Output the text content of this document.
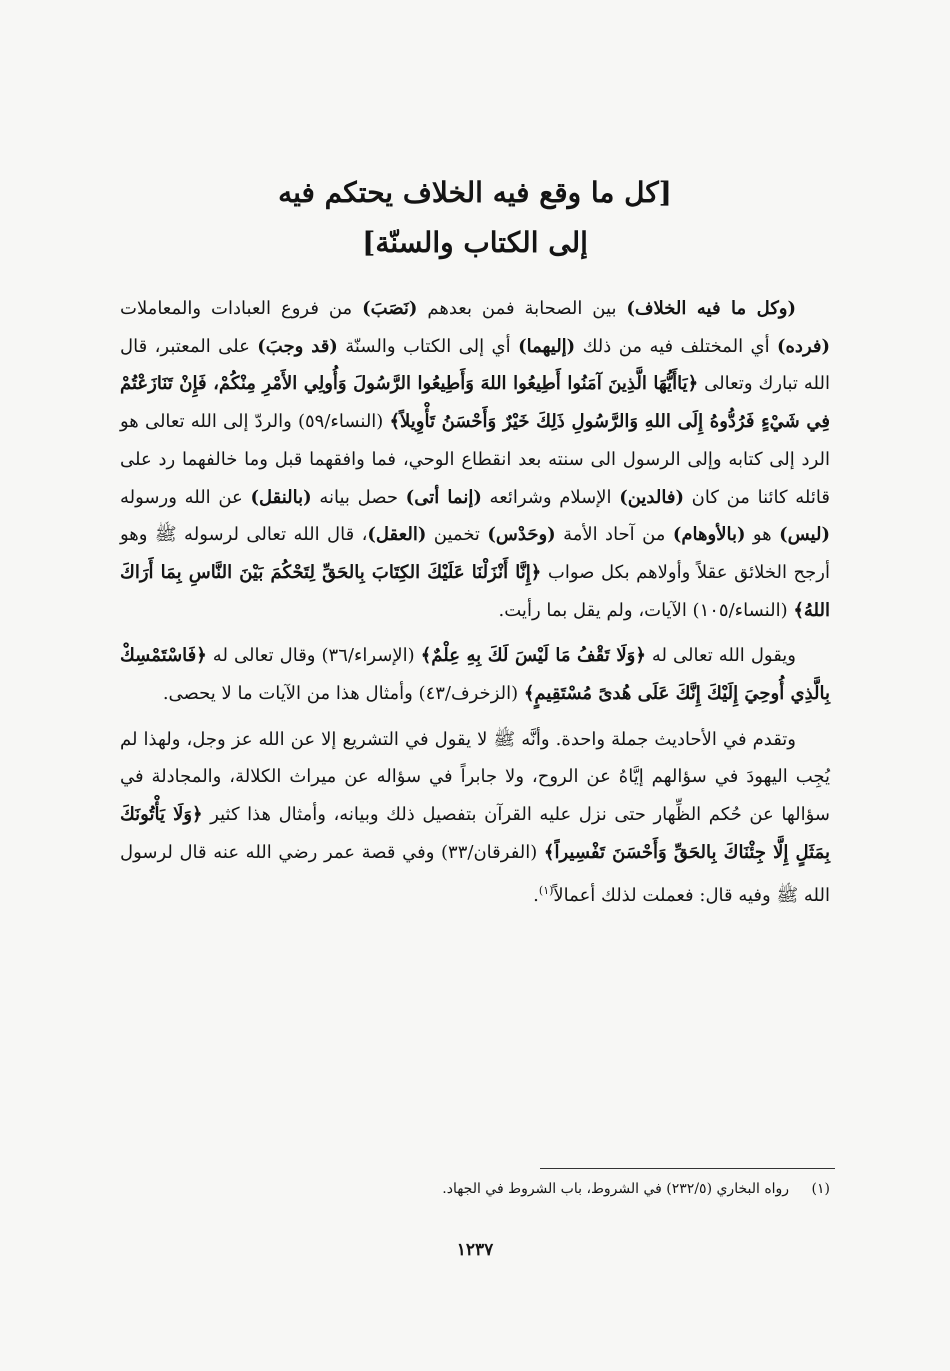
[كل ما وقع فيه الخلاف يحتكم فيه
إلى الكتاب والسنّة]

(وكل ما فيه الخلاف) بين الصحابة فمن بعدهم (نَصَبَ) من فروع العبادات والمعاملات (فرده) أي المختلف فيه من ذلك (إليهما) أي إلى الكتاب والسنّة (قد وجبَ) على المعتبر، قال الله تبارك وتعالى ﴿يَاأَيُّهَا الَّذِينَ آمَنُوا أَطِيعُوا اللهَ وَأَطِيعُوا الرَّسُولَ وَأُولِي الأَمْرِ مِنْكُمْ، فَإِنْ تَنَازَعْتُمْ فِي شَيْءٍ فَرُدُّوهُ إِلَى اللهِ وَالرَّسُولِ ذَلِكَ خَيْرٌ وَأَحْسَنُ تَأْوِيلاً﴾ (النساء/٥٩) والردّ إلى الله تعالى هو الرد إلى كتابه وإلى الرسول الى سنته بعد انقطاع الوحي، فما وافقهما قبل وما خالفهما رد على قائله كائنا من كان (فالدين) الإسلام وشرائعه (إنما أتى) حصل بيانه (بالنقل) عن الله ورسوله (ليس) هو (بالأوهام) من آحاد الأمة (وحَدْس) تخمين (العقل)، قال الله تعالى لرسوله ﷺ وهو أرجح الخلائق عقلاً وأولاهم بكل صواب ﴿إِنَّا أَنْزَلْنَا عَلَيْكَ الكِتَابَ بِالحَقِّ لِتَحْكُمَ بَيْنَ النَّاسِ بِمَا أَرَاكَ اللهُ﴾ (النساء/١٠٥) الآيات، ولم يقل بما رأيت.

ويقول الله تعالى له ﴿وَلَا تَقْفُ مَا لَيْسَ لَكَ بِهِ عِلْمٌ﴾ (الإسراء/٣٦) وقال تعالى له ﴿فَاسْتَمْسِكْ بِالَّذِي أُوحِيَ إِلَيْكَ إِنَّكَ عَلَى هُدىً مُسْتَقِيمٍ﴾ (الزخرف/٤٣) وأمثال هذا من الآيات ما لا يحصى.

وتقدم في الأحاديث جملة واحدة. وأنَّه ﷺ لا يقول في التشريع إلا عن الله عز وجل، ولهذا لم يُجِب اليهودَ في سؤالهم إيَّاهُ عن الروح، ولا جابراً في سؤاله عن ميراث الكلالة، والمجادلة في سؤالها عن حُكم الظِّهار حتى نزل عليه القرآن بتفصيل ذلك وبيانه، وأمثال هذا كثير ﴿وَلَا يَأْتُونَكَ بِمَثَلٍ إِلَّا جِئْنَاكَ بِالحَقِّ وَأَحْسَنَ تَفْسِيراً﴾ (الفرقان/٣٣) وفي قصة عمر رضي الله عنه قال لرسول الله ﷺ وفيه قال: فعملت لذلك أعمالاً$^{(١)}$.

(١) رواه البخاري (٢٣٢/٥) في الشروط، باب الشروط في الجهاد.
١٢٣٧
